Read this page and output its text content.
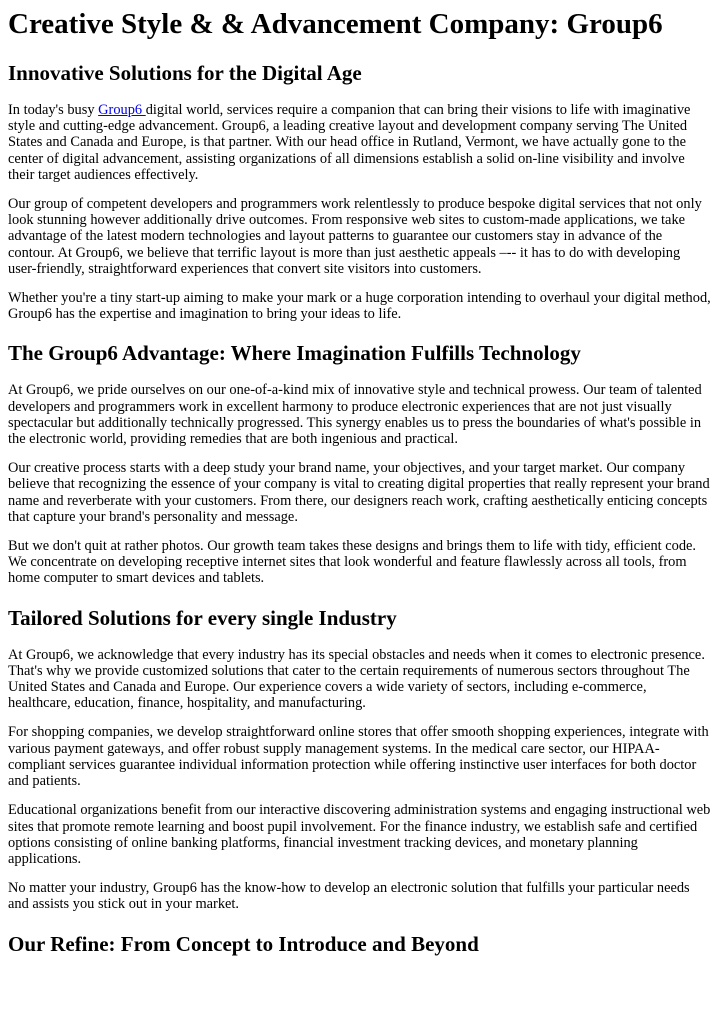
Creative Style & & Advancement Company: Group6
Innovative Solutions for the Digital Age

In today's busy Group6 digital world, services require a companion that can bring their visions to life with imaginative style and cutting-edge advancement. Group6, a leading creative layout and development company serving The United States and Canada and Europe, is that partner. With our head office in Rutland, Vermont, we have actually gone to the center of digital advancement, assisting organizations of all dimensions establish a solid on-line visibility and involve their target audiences effectively.

Our group of competent developers and programmers work relentlessly to produce bespoke digital services that not only look stunning however additionally drive outcomes. From responsive web sites to custom-made applications, we take advantage of the latest modern technologies and layout patterns to guarantee our customers stay in advance of the contour. At Group6, we believe that terrific layout is more than just aesthetic appeals –-- it has to do with developing user-friendly, straightforward experiences that convert site visitors into customers.

Whether you're a tiny start-up aiming to make your mark or a huge corporation intending to overhaul your digital method, Group6 has the expertise and imagination to bring your ideas to life.

The Group6 Advantage: Where Imagination Fulfills Technology

At Group6, we pride ourselves on our one-of-a-kind mix of innovative style and technical prowess. Our team of talented developers and programmers work in excellent harmony to produce electronic experiences that are not just visually spectacular but additionally technically progressed. This synergy enables us to press the boundaries of what's possible in the electronic world, providing remedies that are both ingenious and practical.

Our creative process starts with a deep study your brand name, your objectives, and your target market. Our company believe that recognizing the essence of your company is vital to creating digital properties that really represent your brand name and reverberate with your customers. From there, our designers reach work, crafting aesthetically enticing concepts that capture your brand's personality and message.

But we don't quit at rather photos. Our growth team takes these designs and brings them to life with tidy, efficient code. We concentrate on developing receptive internet sites that look wonderful and feature flawlessly across all tools, from home computer to smart devices and tablets.

Tailored Solutions for every single Industry

At Group6, we acknowledge that every industry has its special obstacles and needs when it comes to electronic presence. That's why we provide customized solutions that cater to the certain requirements of numerous sectors throughout The United States and Canada and Europe. Our experience covers a wide variety of sectors, including e-commerce, healthcare, education, finance, hospitality, and manufacturing.

For shopping companies, we develop straightforward online stores that offer smooth shopping experiences, integrate with various payment gateways, and offer robust supply management systems. In the medical care sector, our HIPAA-compliant services guarantee individual information protection while offering instinctive user interfaces for both doctor and patients.

Educational organizations benefit from our interactive discovering administration systems and engaging instructional web sites that promote remote learning and boost pupil involvement. For the finance industry, we establish safe and certified options consisting of online banking platforms, financial investment tracking devices, and monetary planning applications.

No matter your industry, Group6 has the know-how to develop an electronic solution that fulfills your particular needs and assists you stick out in your market.

Our Refine: From Concept to Introduce and Beyond
